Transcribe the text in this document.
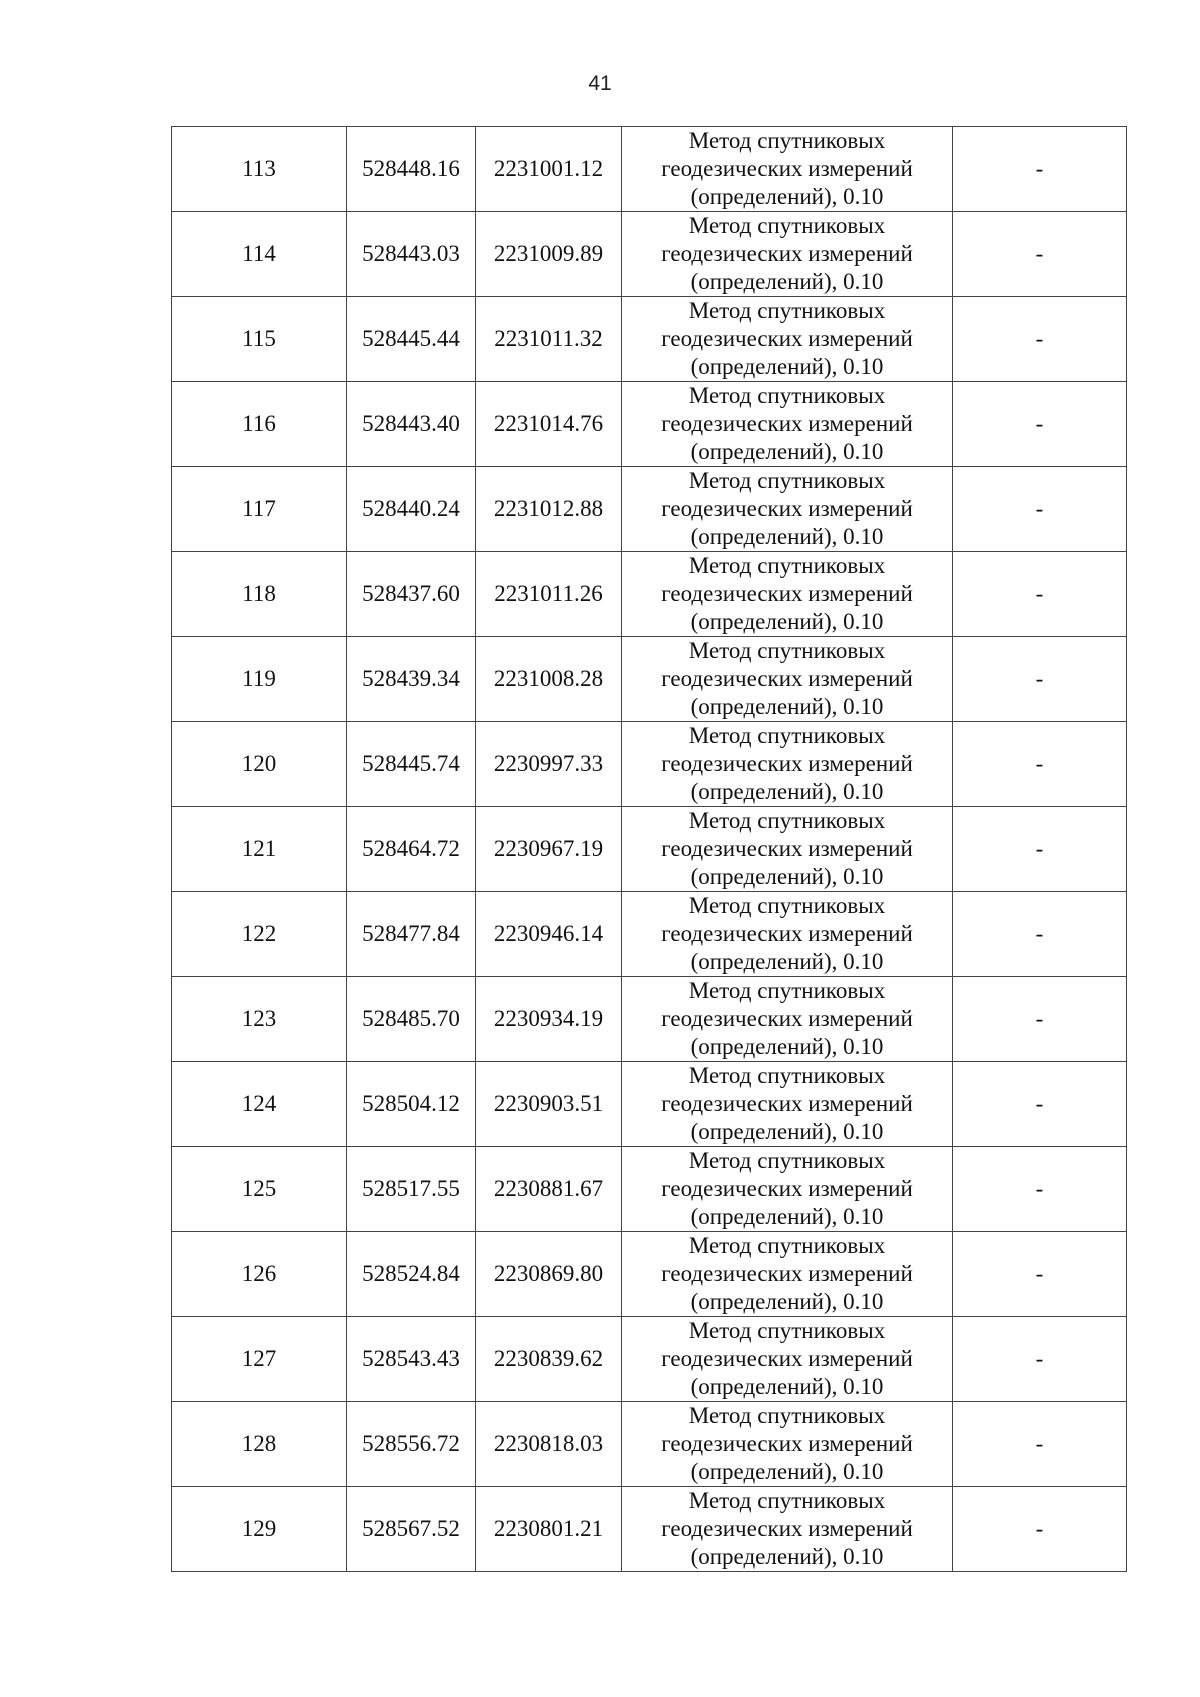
41
113	528448.16	2231001.12	Метод спутниковых
геодезических измерений
(определений), 0.10	-
114	528443.03	2231009.89	Метод спутниковых
геодезических измерений
(определений), 0.10	-
115	528445.44	2231011.32	Метод спутниковых
геодезических измерений
(определений), 0.10	-
116	528443.40	2231014.76	Метод спутниковых
геодезических измерений
(определений), 0.10	-
117	528440.24	2231012.88	Метод спутниковых
геодезических измерений
(определений), 0.10	-
118	528437.60	2231011.26	Метод спутниковых
геодезических измерений
(определений), 0.10	-
119	528439.34	2231008.28	Метод спутниковых
геодезических измерений
(определений), 0.10	-
120	528445.74	2230997.33	Метод спутниковых
геодезических измерений
(определений), 0.10	-
121	528464.72	2230967.19	Метод спутниковых
геодезических измерений
(определений), 0.10	-
122	528477.84	2230946.14	Метод спутниковых
геодезических измерений
(определений), 0.10	-
123	528485.70	2230934.19	Метод спутниковых
геодезических измерений
(определений), 0.10	-
124	528504.12	2230903.51	Метод спутниковых
геодезических измерений
(определений), 0.10	-
125	528517.55	2230881.67	Метод спутниковых
геодезических измерений
(определений), 0.10	-
126	528524.84	2230869.80	Метод спутниковых
геодезических измерений
(определений), 0.10	-
127	528543.43	2230839.62	Метод спутниковых
геодезических измерений
(определений), 0.10	-
128	528556.72	2230818.03	Метод спутниковых
геодезических измерений
(определений), 0.10	-
129	528567.52	2230801.21	Метод спутниковых
геодезических измерений
(определений), 0.10	-
